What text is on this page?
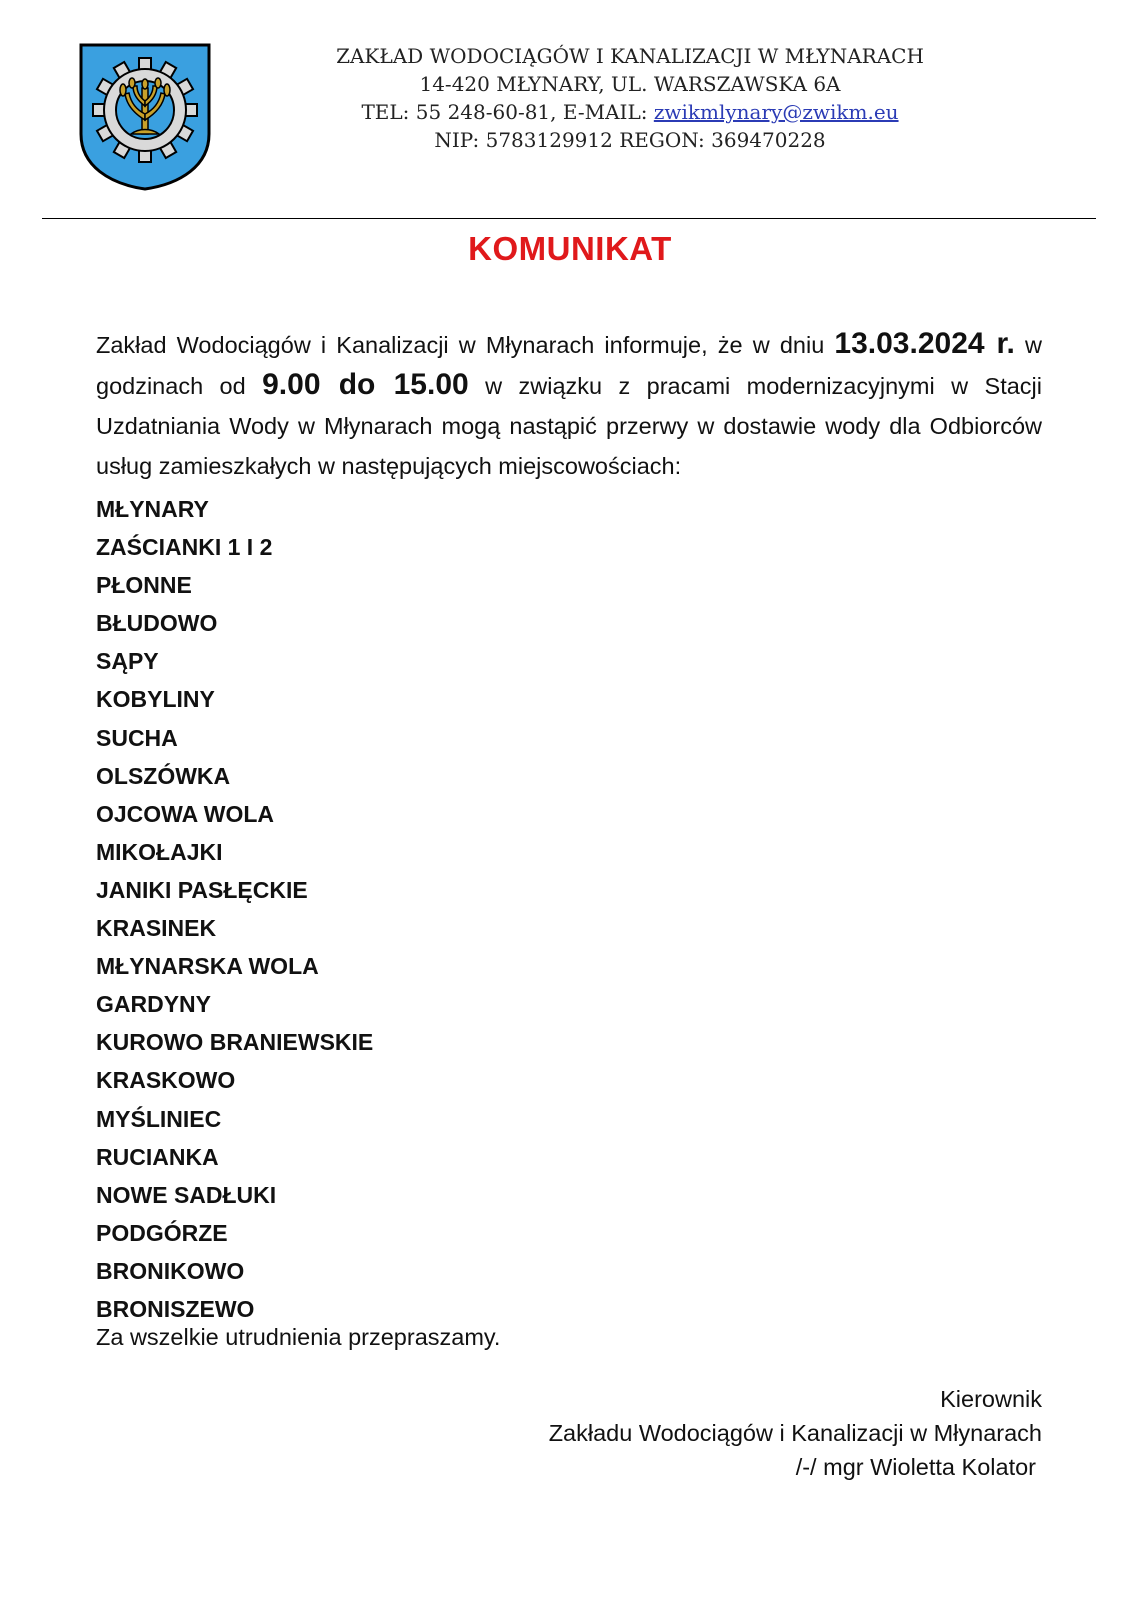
ZAKŁAD WODOCIĄGÓW I KANALIZACJI W MŁYNARACH
14-420 MŁYNARY, UL. WARSZAWSKA 6A
TEL: 55 248-60-81, E-MAIL: zwikmlynary@zwikm.eu
NIP: 5783129912 REGON: 369470228
KOMUNIKAT

Zakład Wodociągów i Kanalizacji w Młynarach informuje, że w dniu 13.03.2024 r. w godzinach od 9.00 do 15.00 w związku z pracami modernizacyjnymi w Stacji Uzdatniania Wody w Młynarach mogą nastąpić przerwy w dostawie wody dla Odbiorców usług zamieszkałych w następujących miejscowościach:

MŁYNARY
ZAŚCIANKI 1 I 2
PŁONNE
BŁUDOWO
SĄPY
KOBYLINY
SUCHA
OLSZÓWKA
OJCOWA WOLA
MIKOŁAJKI
JANIKI PASŁĘCKIE
KRASINEK
MŁYNARSKA WOLA
GARDYNY
KUROWO BRANIEWSKIE
KRASKOWO
MYŚLINIEC
RUCIANKA
NOWE SADŁUKI
PODGÓRZE
BRONIKOWO
BRONISZEWO
Za wszelkie utrudnienia przepraszamy.
Kierownik
Zakładu Wodociągów i Kanalizacji w Młynarach
/-/ mgr Wioletta Kolator
